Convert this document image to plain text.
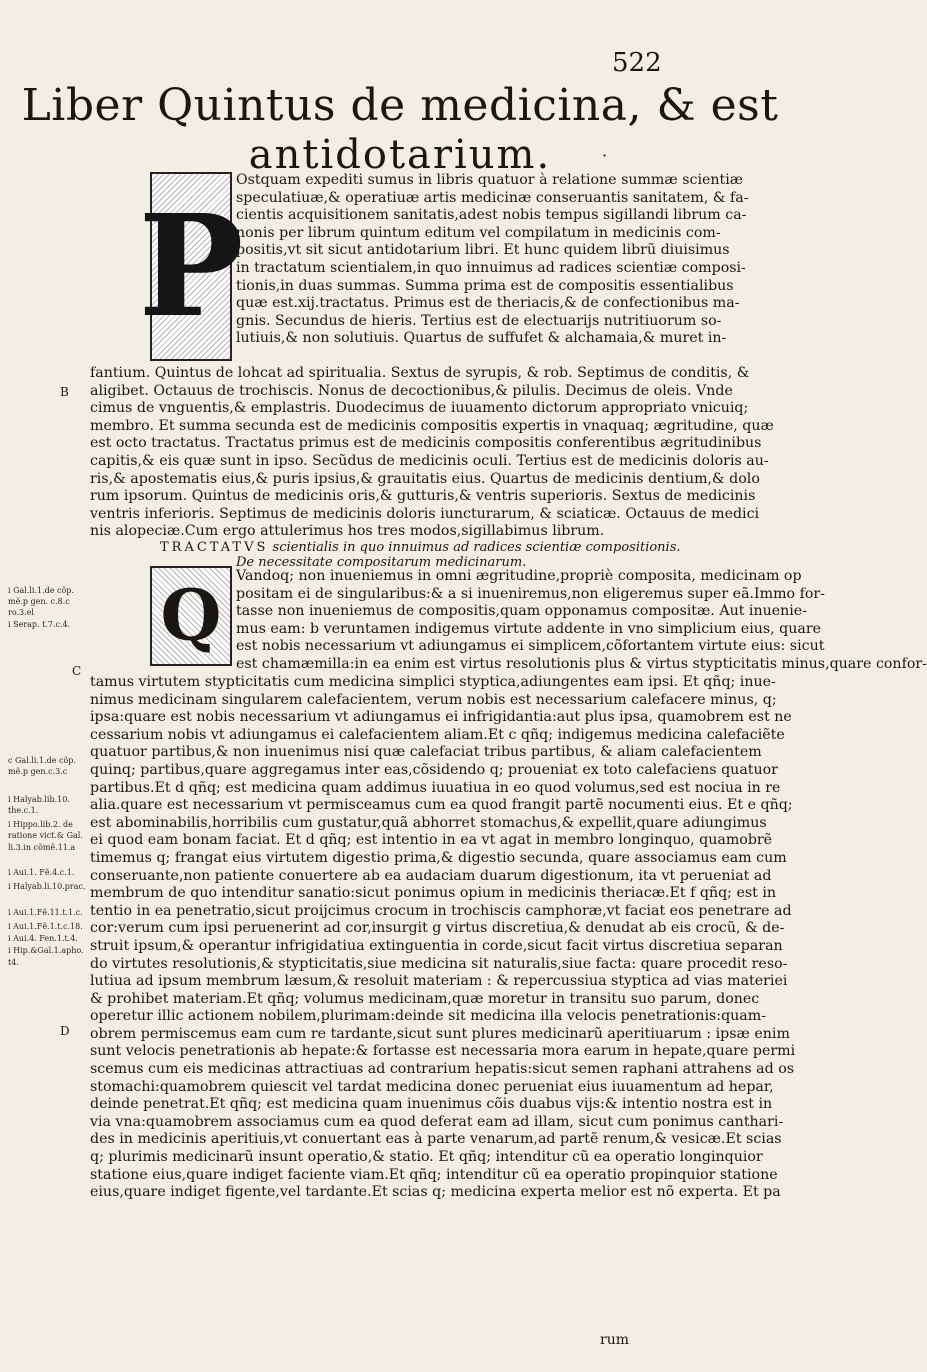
522
Liber Quintus de medicina, & est
antidotarium.	·
P
Ostquam expediti sumus in libris quatuor à relatione summæ scientiæ
speculatiuæ,& operatiuæ artis medicinæ conseruantis sanitatem, & fa-
cientis acquisitionem sanitatis,adest nobis tempus sigillandi librum ca-
nonis per librum quintum editum vel compilatum in medicinis com-
positis,vt sit sicut antidotarium libri. Et hunc quidem librũ diuisimus
in tractatum scientialem,in quo innuimus ad radices scientiæ composi-
tionis,in duas summas. Summa prima est de compositis essentialibus
quæ est.xij.tractatus. Primus est de theriacis,& de confectionibus ma-
gnis. Secundus de hieris. Tertius est de electuarijs nutritiuorum so-
lutiuis,& non solutiuis. Quartus de suffufet & alchamaia,& muret in-
B
fantium. Quintus de lohcat ad spiritualia. Sextus de syrupis, & rob. Septimus de conditis, &
aligibet. Octauus de trochiscis. Nonus de decoctionibus,& pilulis. Decimus de oleis. Vnde
cimus de vnguentis,& emplastris. Duodecimus de iuuamento dictorum appropriato vnicuiq;
membro. Et summa secunda est de medicinis compositis expertis in vnaquaq; ægritudine, quæ
est octo tractatus. Tractatus primus est de medicinis compositis conferentibus ægritudinibus
capitis,& eis quæ sunt in ipso. Secũdus de medicinis oculi. Tertius est de medicinis doloris au-
ris,& apostematis eius,& puris ipsius,& grauitatis eius. Quartus de medicinis dentium,& dolo
rum ipsorum. Quintus de medicinis oris,& gutturis,& ventris superioris. Sextus de medicinis
ventris inferioris. Septimus de medicinis doloris iuncturarum, & sciaticæ. Octauus de medici
nis alopeciæ.Cum ergo attulerimus hos tres modos,sigillabimus librum.
TRACTATVS scientialis in quo innuimus ad radices scientiæ compositionis.
De necessitate compositarum medicinarum.
Q Vandoq; non inueniemus in omni ægritudine,propriè composita, medicinam op
positam ei de singularibus:& a si inueniremus,non eligeremus super eã.Immo for-
tasse non inueniemus de compositis,quam opponamus compositæ. Aut inuenie-
mus eam: b veruntamen indigemus virtute addente in vno simplicium eius, quare
est nobis necessarium vt adiungamus ei simplicem,cõfortantem virtute eius: sicut
est chamæmilla:in ea enim est virtus resolutionis plus & virtus stypticitatis minus,quare confor-
C
tamus virtutem stypticitatis cum medicina simplici styptica,adiungentes eam ipsi. Et qñq; inue-
nimus medicinam singularem calefacientem, verum nobis est necessarium calefacere minus, q;
ipsa:quare est nobis necessarium vt adiungamus ei infrigidantia:aut plus ipsa, quamobrem est ne
cessarium nobis vt adiungamus ei calefacientem aliam.Et c qñq; indigemus medicina calefaciẽte
quatuor partibus,& non inuenimus nisi quæ calefaciat tribus partibus, & aliam calefacientem
quinq; partibus,quare aggregamus inter eas,cõsidendo q; proueniat ex toto calefaciens quatuor
partibus.Et d qñq; est medicina quam addimus iuuatiua in eo quod volumus,sed est nociua in re
alia.quare est necessarium vt permisceamus cum ea quod frangit partẽ nocumenti eius. Et e qñq;
est abominabilis,horribilis cum gustatur,quã abhorret stomachus,& expellit,quare adiungimus
ei quod eam bonam faciat. Et d qñq; est intentio in ea vt agat in membro longinquo, quamobrẽ
timemus q; frangat eius virtutem digestio prima,& digestio secunda, quare associamus eam cum
conseruante,non patiente conuertere ab ea audaciam duarum digestionum, ita vt perueniat ad
membrum de quo intenditur sanatio:sicut ponimus opium in medicinis theriacæ.Et f qñq; est in
tentio in ea penetratio,sicut proijcimus crocum in trochiscis camphoræ,vt faciat eos penetrare ad
cor:verum cum ipsi peruenerint ad cor,insurgit g virtus discretiua,& denudat ab eis crocũ, & de-
struit ipsum,& operantur infrigidatiua extinguentia in corde,sicut facit virtus discretiua separan
do virtutes resolutionis,& stypticitatis,siue medicina sit naturalis,siue facta: quare procedit reso-
lutiua ad ipsum membrum læsum,& resoluit materiam : & repercussiua styptica ad vias materiei
& prohibet materiam.Et qñq; volumus medicinam,quæ moretur in transitu suo parum, donec
operetur illic actionem nobilem,plurimam:deinde sit medicina illa velocis penetrationis:quam-
obrem permiscemus eam cum re tardante,sicut sunt plures medicinarũ aperitiuarum : ipsæ enim
sunt velocis penetrationis ab hepate:& fortasse est necessaria mora earum in hepate,quare permi
scemus cum eis medicinas attractiuas ad contrarium hepatis:sicut semen raphani attrahens ad os
stomachi:quamobrem quiescit vel tardat medicina donec perueniat eius iuuamentum ad hepar,
deinde penetrat.Et qñq; est medicina quam inuenimus cõis duabus vijs:& intentio nostra est in
via vna:quamobrem associamus cum ea quod deferat eam ad illam, sicut cum ponimus canthari-
des in medicinis aperitiuis,vt conuertant eas à parte venarum,ad partẽ renum,& vesicæ.Et scias
q; plurimis medicinarũ insunt operatio,& statio. Et qñq; intenditur cũ ea operatio longinquior
statione eius,quare indiget faciente viam.Et qñq; intenditur cũ ea operatio propinquior statione
eius,quare indiget figente,vel tardante.Et scias q; medicina experta melior est nõ experta. Et pa
D
i Gal.li.1.de cõp.
mẽ.p gen. c.8.c
ro.3.el
i Serap. t.7.c.4.
c Gal.li.1.de cõp.
mẽ.p gen.c.3.c
i Halyab.lib.10.
the.c.1.
i Hippo.lib.2. de
ratione vict.& Gal.
li.3.in cõmẽ.11.a
i Aui.1. Fẽ.4.c.1.
i Halyab.li.10.prac.
i Aui.1.Fẽ.11.t.1.c.
i Aui.1.Fẽ.1.t.c.18.
i Aui.4. Fen.1.t.4.
i Hip.&Gal.1.apho.
t4.
rum
